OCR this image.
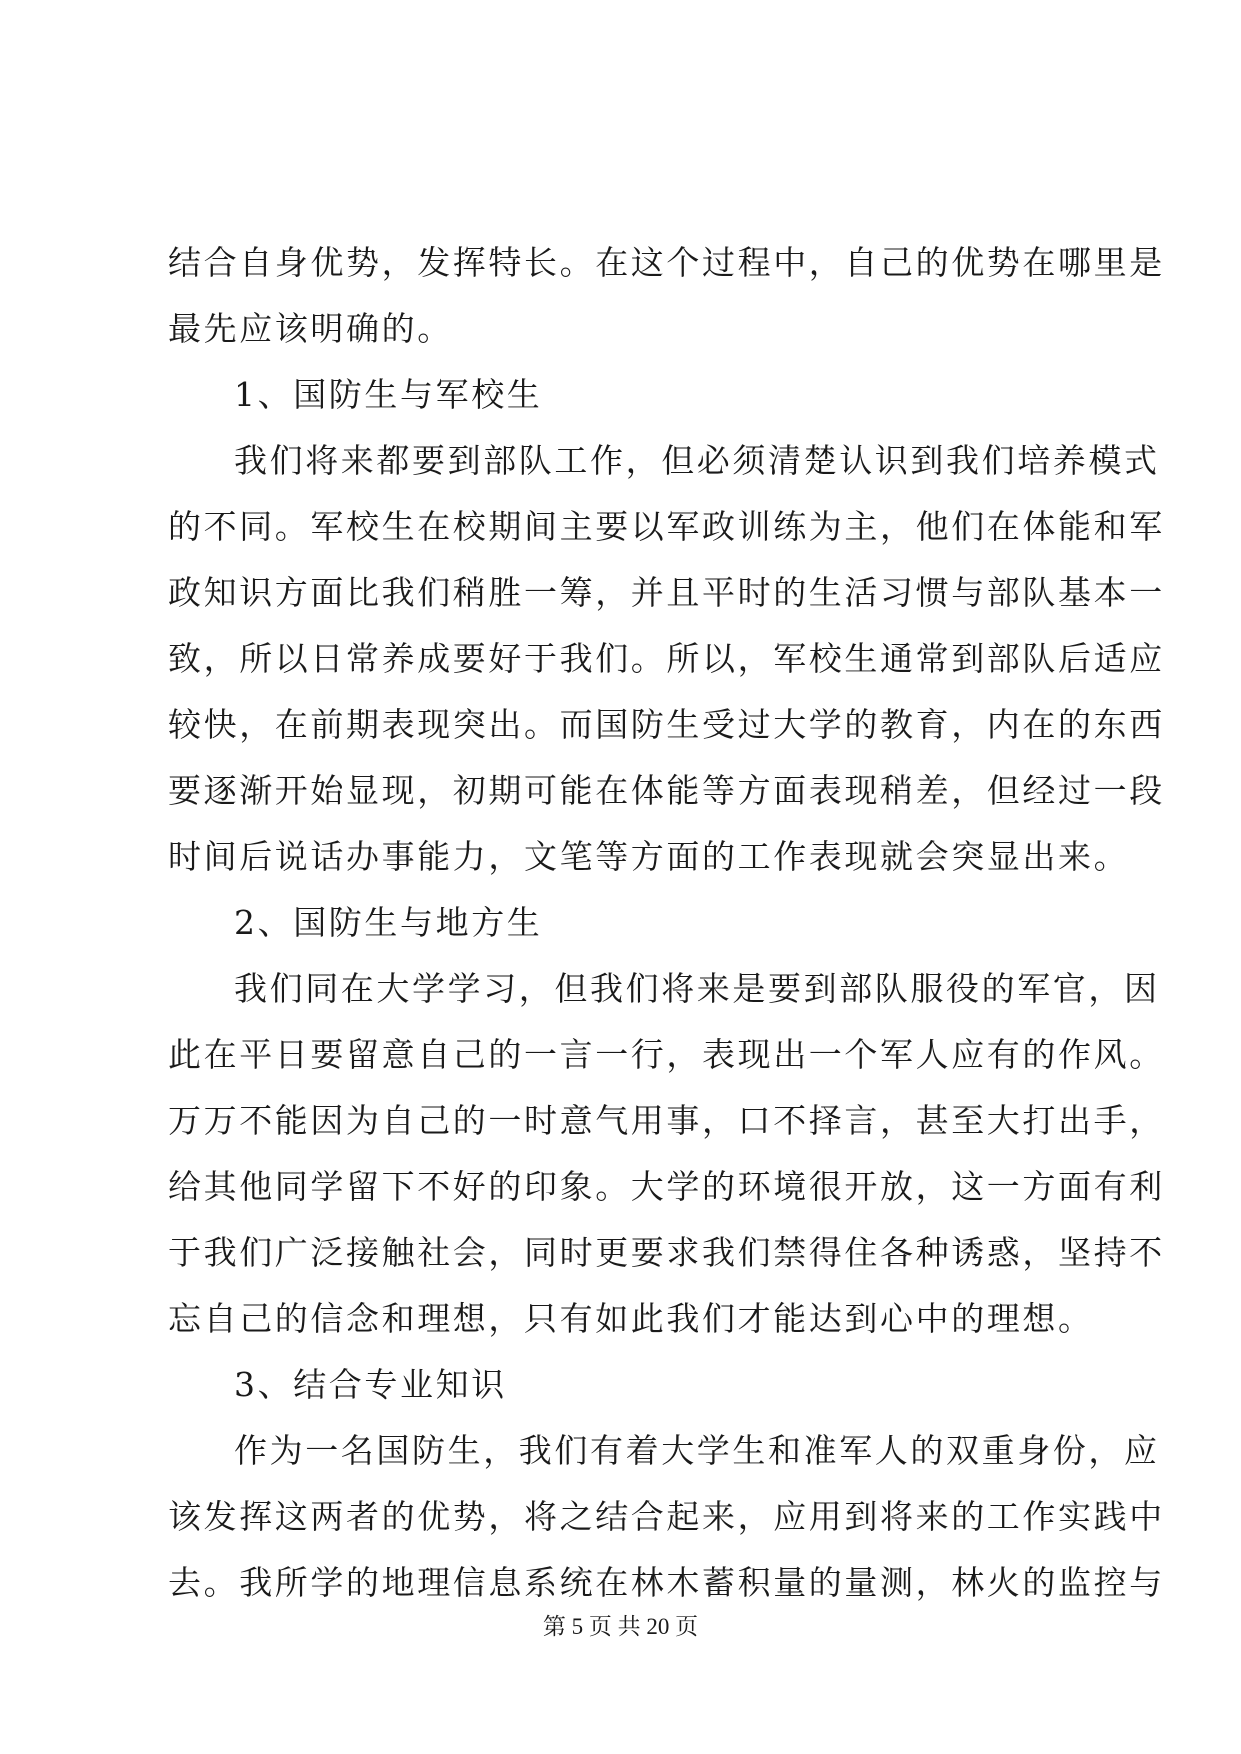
结合自身优势，发挥特长。在这个过程中，自己的优势在哪里是
最先应该明确的。
1、国防生与军校生
我们将来都要到部队工作，但必须清楚认识到我们培养模式
的不同。军校生在校期间主要以军政训练为主，他们在体能和军
政知识方面比我们稍胜一筹，并且平时的生活习惯与部队基本一
致，所以日常养成要好于我们。所以，军校生通常到部队后适应
较快，在前期表现突出。而国防生受过大学的教育，内在的东西
要逐渐开始显现，初期可能在体能等方面表现稍差，但经过一段
时间后说话办事能力，文笔等方面的工作表现就会突显出来。
2、国防生与地方生
我们同在大学学习，但我们将来是要到部队服役的军官，因
此在平日要留意自己的一言一行，表现出一个军人应有的作风。
万万不能因为自己的一时意气用事，口不择言，甚至大打出手，
给其他同学留下不好的印象。大学的环境很开放，这一方面有利
于我们广泛接触社会，同时更要求我们禁得住各种诱惑，坚持不
忘自己的信念和理想，只有如此我们才能达到心中的理想。
3、结合专业知识
作为一名国防生，我们有着大学生和准军人的双重身份，应
该发挥这两者的优势，将之结合起来，应用到将来的工作实践中
去。我所学的地理信息系统在林木蓄积量的量测，林火的监控与
第 5 页 共 20 页
